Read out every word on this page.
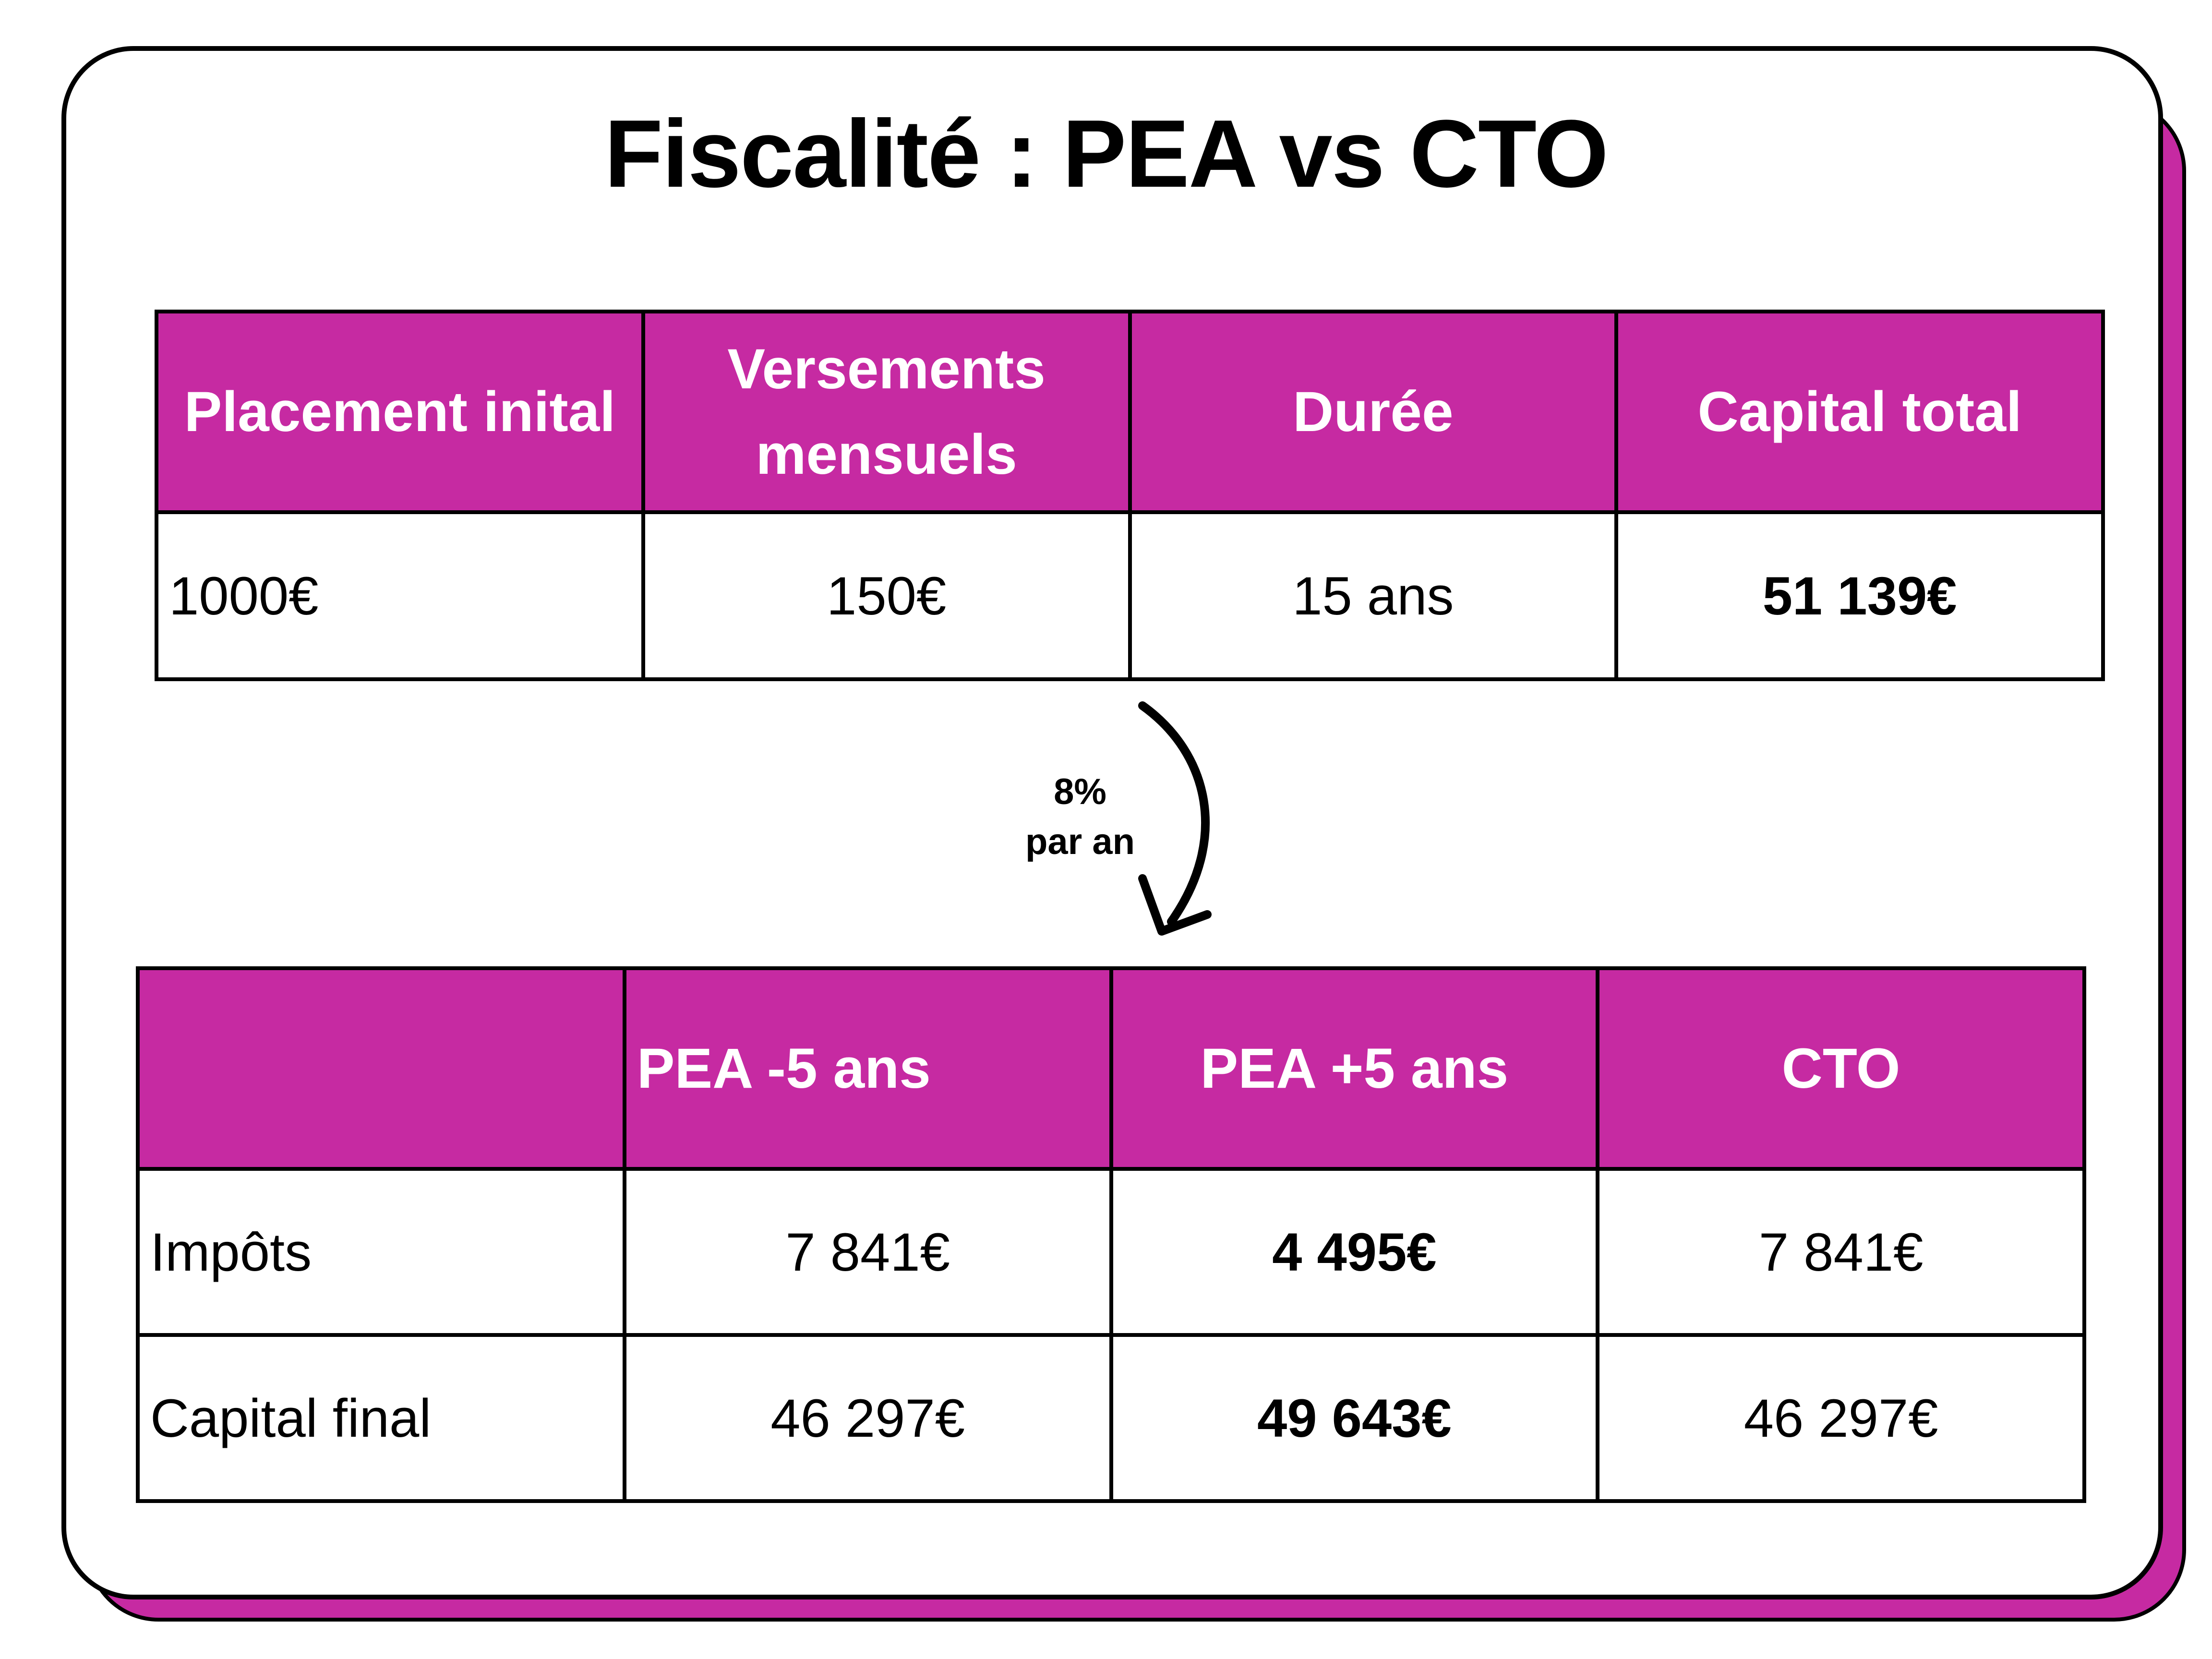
Fiscalité : PEA vs CTO
Placement inital	Versements mensuels	Durée	Capital total
1000€	150€	15 ans	51 139€
8%
par an
	PEA -5 ans	PEA +5 ans	CTO
Impôts	7 841€	4 495€	7 841€
Capital final	46 297€	49 643€	46 297€
